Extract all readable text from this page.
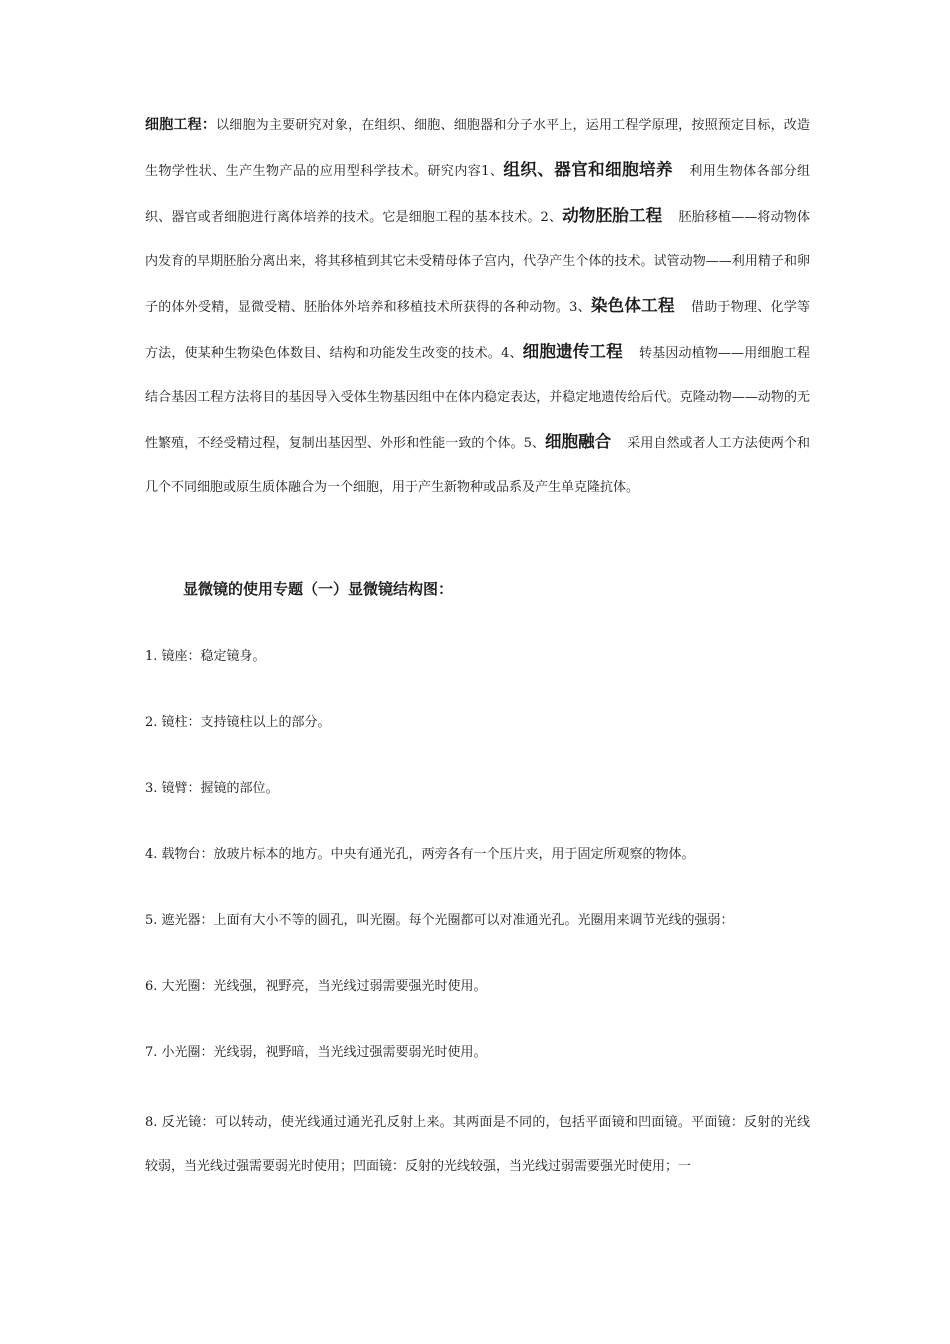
细胞工程：以细胞为主要研究对象，在组织、细胞、细胞器和分子水平上，运用工程学原理，按照预定目标，改造生物学性状、生产生物产品的应用型科学技术。研究内容1、组织、器官和细胞培养 利用生物体各部分组织、器官或者细胞进行离体培养的技术。它是细胞工程的基本技术。2、动物胚胎工程 胚胎移植——将动物体内发育的早期胚胎分离出来，将其移植到其它未受精母体子宫内，代孕产生个体的技术。试管动物——利用精子和卵子的体外受精，显微受精、胚胎体外培养和移植技术所获得的各种动物。3、染色体工程 借助于物理、化学等方法，使某种生物染色体数目、结构和功能发生改变的技术。4、细胞遗传工程 转基因动植物——用细胞工程结合基因工程方法将目的基因导入受体生物基因组中在体内稳定表达，并稳定地遗传给后代。克隆动物——动物的无性繁殖，不经受精过程，复制出基因型、外形和性能一致的个体。5、细胞融合 采用自然或者人工方法使两个和几个不同细胞或原生质体融合为一个细胞，用于产生新物种或品系及产生单克隆抗体。

显微镜的使用专题（一）显微镜结构图：

1. 镜座：稳定镜身。

2. 镜柱：支持镜柱以上的部分。

3. 镜臂：握镜的部位。

4. 载物台：放玻片标本的地方。中央有通光孔，两旁各有一个压片夹，用于固定所观察的物体。

5. 遮光器：上面有大小不等的圆孔，叫光圈。每个光圈都可以对准通光孔。光圈用来调节光线的强弱：

6. 大光圈：光线强，视野亮，当光线过弱需要强光时使用。

7. 小光圈：光线弱，视野暗，当光线过强需要弱光时使用。

8. 反光镜：可以转动，使光线通过通光孔反射上来。其两面是不同的，包括平面镜和凹面镜。平面镜：反射的光线较弱，当光线过强需要弱光时使用；凹面镜：反射的光线较强，当光线过弱需要强光时使用；一
